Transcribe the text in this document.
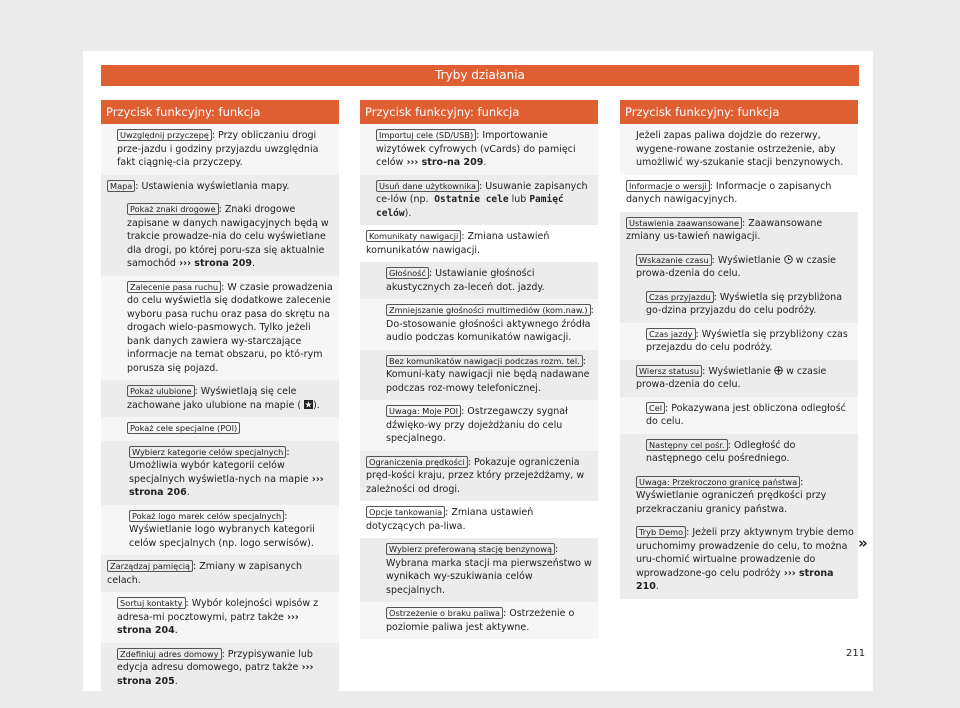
Tryby działania
Przycisk funkcyjny: funkcja
Uwzględnij przyczepę : Przy obliczaniu drogi prze-jazdu i godziny przyjazdu uwzględnia fakt ciągnię-cia przyczepy.
Mapa : Ustawienia wyświetlania mapy.
Pokaż znaki drogowe : Znaki drogowe zapisane w danych nawigacyjnych będą w trakcie prowadze-nia do celu wyświetlane dla drogi, po której poru-sza się aktualnie samochód ››› strona 209.
Zalecenie pasa ruchu : W czasie prowadzenia do celu wyświetla się dodatkowe zalecenie wyboru pasa ruchu oraz pasa do skrętu na drogach wielo-pasmowych. Tylko jeżeli bank danych zawiera wy-starczające informacje na temat obszaru, po któ-rym porusza się pojazd.
Pokaż ulubione : Wyświetlają się cele zachowane jako ulubione na mapie ( ).
Pokaż cele specjalne (POI)
Wybierz kategorie celów specjalnych : Umożliwia wybór kategorii celów specjalnych wyświetla-nych na mapie ››› strona 206.
Pokaż logo marek celów specjalnych : Wyświetlanie logo wybranych kategorii celów specjalnych (np. logo serwisów).
Zarządzaj pamięcią : Zmiany w zapisanych celach.
Sortuj kontakty : Wybór kolejności wpisów z adresa-mi pocztowymi, patrz także ››› strona 204.
Zdefiniuj adres domowy : Przypisywanie lub edycja adresu domowego, patrz także ››› strona 205.
Przycisk funkcyjny: funkcja
Importuj cele (SD/USB) : Importowanie wizytówek cyfrowych (vCards) do pamięci celów ››› stro-na 209.
Usuń dane użytkownika : Usuwanie zapisanych ce-lów (np. Ostatnie cele lub Pamięć celów).
Komunikaty nawigacji : Zmiana ustawień komunikatów nawigacji.
Głośność : Ustawianie głośności akustycznych za-leceń dot. jazdy.
Zmniejszanie głośności multimediów (kom.naw.) : Do-stosowanie głośności aktywnego źródła audio podczas komunikatów nawigacji.
Bez komunikatów nawigacji podczas rozm. tel. : Komuni-katy nawigacji nie będą nadawane podczas roz-mowy telefonicznej.
Uwaga: Moje POI : Ostrzegawczy sygnał dźwięko-wy przy dojeżdżaniu do celu specjalnego.
Ograniczenia prędkości : Pokazuje ograniczenia pręd-kości kraju, przez który przejeżdżamy, w zależności od drogi.
Opcje tankowania : Zmiana ustawień dotyczących pa-liwa.
Wybierz preferowaną stację benzynową : Wybrana marka stacji ma pierwszeństwo w wynikach wy-szukiwania celów specjalnych.
Ostrzeżenie o braku paliwa : Ostrzeżenie o poziomie paliwa jest aktywne.
Przycisk funkcyjny: funkcja
Jeżeli zapas paliwa dojdzie do rezerwy, wygene-rowane zostanie ostrzeżenie, aby umożliwić wy-szukanie stacji benzynowych.
Informacje o wersji : Informacje o zapisanych danych nawigacyjnych.
Ustawienia zaawansowane : Zaawansowane zmiany us-tawień nawigacji.
Wskazanie czasu : Wyświetlanie  w czasie prowa-dzenia do celu.
Czas przyjazdu : Wyświetla się przybliżona go-dzina przyjazdu do celu podróży.
Czas jazdy : Wyświetla się przybliżony czas przejazdu do celu podróży.
Wiersz statusu : Wyświetlanie  w czasie prowa-dzenia do celu.
Cel : Pokazywana jest obliczona odległość do celu.
Następny cel pośr. : Odległość do następnego celu pośredniego.
Uwaga: Przekroczono granicę państwa : Wyświetlanie ograniczeń prędkości przy przekraczaniu granicy państwa.
Tryb Demo : Jeżeli przy aktywnym trybie demo uruchomimy prowadzenie do celu, to można uru-chomić wirtualne prowadzenie do wprowadzone-go celu podróży ››› strona 210.
»
211
